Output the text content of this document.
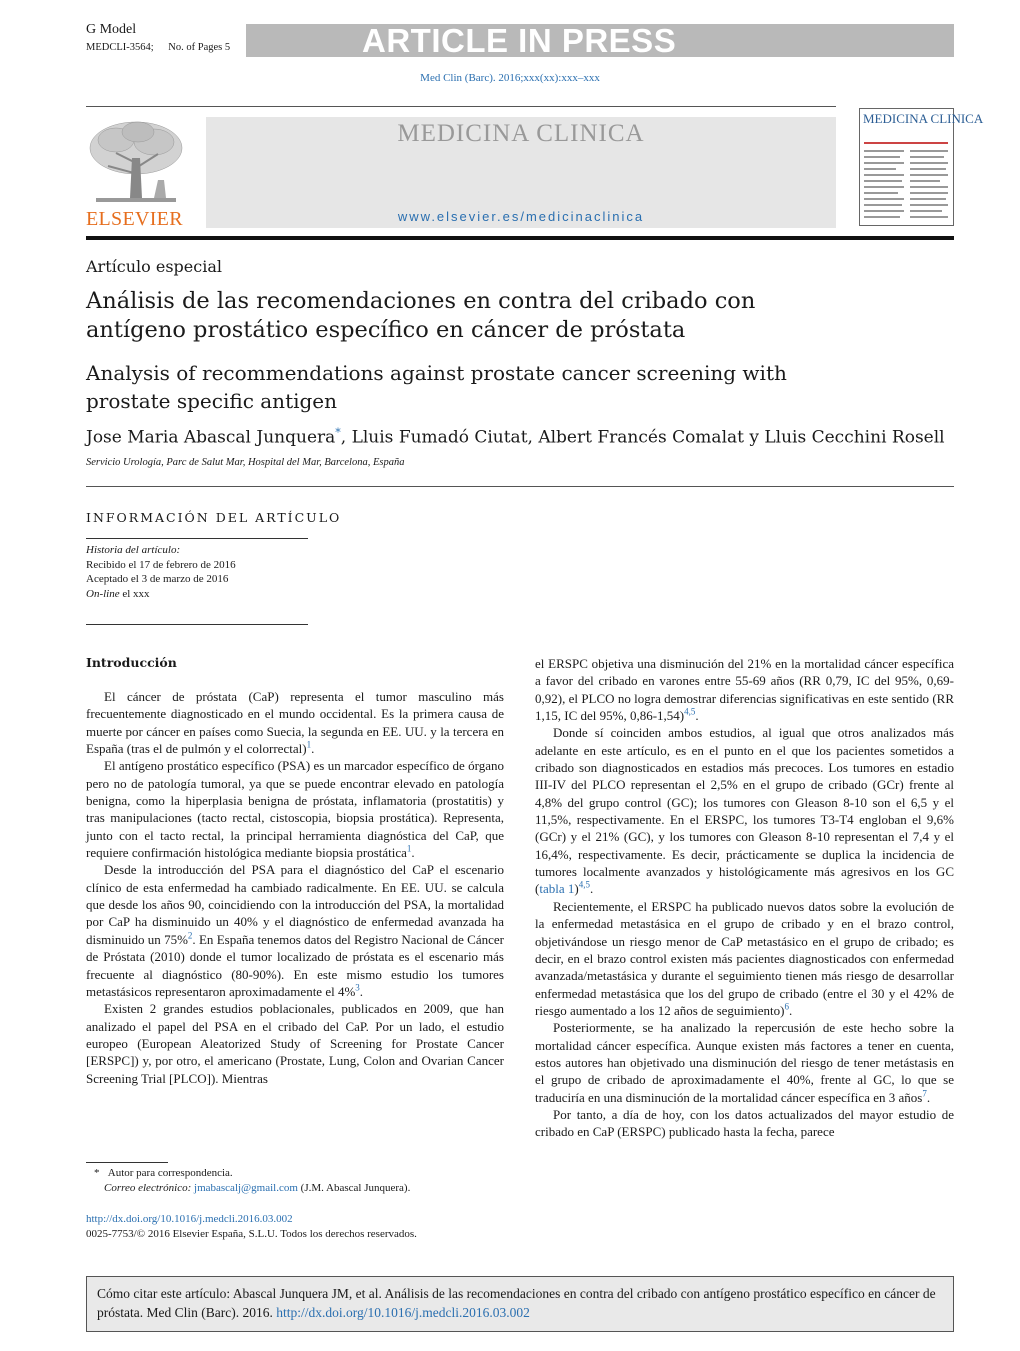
G Model
MEDCLI-3564; No. of Pages 5	ARTICLE IN PRESS
Med Clin (Barc). 2016;xxx(xx):xxx–xxx
ELSEVIER
MEDICINA CLINICA
www.elsevier.es/medicinaclinica
MEDICINA CLINICA
Artículo especial
Análisis de las recomendaciones en contra del cribado con antígeno prostático específico en cáncer de próstata
Analysis of recommendations against prostate cancer screening with prostate specific antigen
Jose Maria Abascal Junquera*, Lluis Fumadó Ciutat, Albert Francés Comalat y Lluis Cecchini Rosell
Servicio Urología, Parc de Salut Mar, Hospital del Mar, Barcelona, España
INFORMACIÓN DEL ARTÍCULO
Historia del artículo:
Recibido el 17 de febrero de 2016
Aceptado el 3 de marzo de 2016
On-line el xxx
Introducción

El cáncer de próstata (CaP) representa el tumor masculino más frecuentemente diagnosticado en el mundo occidental. Es la primera causa de muerte por cáncer en países como Suecia, la segunda en EE. UU. y la tercera en España (tras el de pulmón y el colorrectal)$^1$.

El antígeno prostático específico (PSA) es un marcador específico de órgano pero no de patología tumoral, ya que se puede encontrar elevado en patología benigna, como la hiperplasia benigna de próstata, inflamatoria (prostatitis) y tras manipulaciones (tacto rectal, cistoscopia, biopsia prostática). Representa, junto con el tacto rectal, la principal herramienta diagnóstica del CaP, que requiere confirmación histológica mediante biopsia prostática$^1$.

Desde la introducción del PSA para el diagnóstico del CaP el escenario clínico de esta enfermedad ha cambiado radicalmente. En EE. UU. se calcula que desde los años 90, coincidiendo con la introducción del PSA, la mortalidad por CaP ha disminuido un 40% y el diagnóstico de enfermedad avanzada ha disminuido un 75%$^2$. En España tenemos datos del Registro Nacional de Cáncer de Próstata (2010) donde el tumor localizado de próstata es el escenario más frecuente al diagnóstico (80-90%). En este mismo estudio los tumores metastásicos representaron aproximadamente el 4%$^3$.

Existen 2 grandes estudios poblacionales, publicados en 2009, que han analizado el papel del PSA en el cribado del CaP. Por un lado, el estudio europeo (European Aleatorized Study of Screening for Prostate Cancer [ERSPC]) y, por otro, el americano (Prostate, Lung, Colon and Ovarian Cancer Screening Trial [PLCO]). Mientras

el ERSPC objetiva una disminución del 21% en la mortalidad cáncer específica a favor del cribado en varones entre 55-69 años (RR 0,79, IC del 95%, 0,69-0,92), el PLCO no logra demostrar diferencias significativas en este sentido (RR 1,15, IC del 95%, 0,86-1,54)$^{4,5}$.

Donde sí coinciden ambos estudios, al igual que otros analizados más adelante en este artículo, es en el punto en el que los pacientes sometidos a cribado son diagnosticados en estadios más precoces. Los tumores en estadio III-IV del PLCO representan el 2,5% en el grupo de cribado (GCr) frente al 4,8% del grupo control (GC); los tumores con Gleason 8-10 son el 6,5 y el 11,5%, respectivamente. En el ERSPC, los tumores T3-T4 engloban el 9,6% (GCr) y el 21% (GC), y los tumores con Gleason 8-10 representan el 7,4 y el 16,4%, respectivamente. Es decir, prácticamente se duplica la incidencia de tumores localmente avanzados y histológicamente más agresivos en los GC (tabla 1)$^{4,5}$.

Recientemente, el ERSPC ha publicado nuevos datos sobre la evolución de la enfermedad metastásica en el grupo de cribado y en el brazo control, objetivándose un riesgo menor de CaP metastásico en el grupo de cribado; es decir, en el brazo control existen más pacientes diagnosticados con enfermedad avanzada/metastásica y durante el seguimiento tienen más riesgo de desarrollar enfermedad metastásica que los del grupo de cribado (entre el 30 y el 42% de riesgo aumentado a los 12 años de seguimiento)$^6$.

Posteriormente, se ha analizado la repercusión de este hecho sobre la mortalidad cáncer específica. Aunque existen más factores a tener en cuenta, estos autores han objetivado una disminución del riesgo de tener metástasis en el grupo de cribado de aproximadamente el 40%, frente al GC, lo que se traduciría en una disminución de la mortalidad cáncer específica en 3 años$^7$.

Por tanto, a día de hoy, con los datos actualizados del mayor estudio de cribado en CaP (ERSPC) publicado hasta la fecha, parece

* Autor para correspondencia.
Correo electrónico: jmabascalj@gmail.com (J.M. Abascal Junquera).
http://dx.doi.org/10.1016/j.medcli.2016.03.002
0025-7753/© 2016 Elsevier España, S.L.U. Todos los derechos reservados.
Cómo citar este artículo: Abascal Junquera JM, et al. Análisis de las recomendaciones en contra del cribado con antígeno prostático específico en cáncer de próstata. Med Clin (Barc). 2016. http://dx.doi.org/10.1016/j.medcli.2016.03.002
